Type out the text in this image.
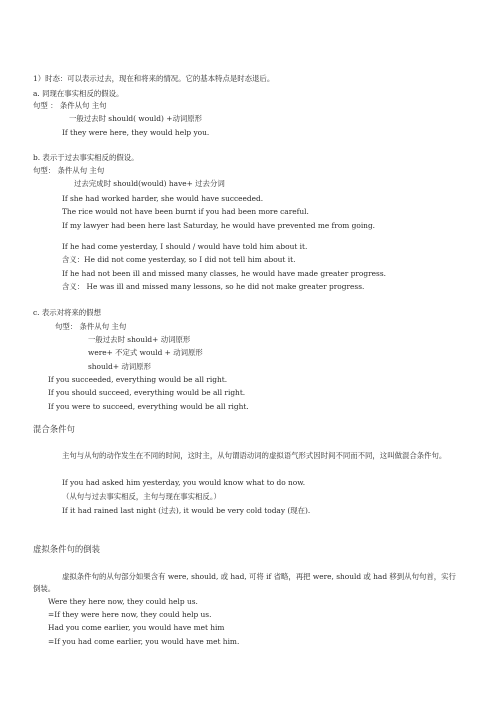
1）时态：可以表示过去，现在和将来的情况。它的基本特点是时态退后。
a. 同现在事实相反的假设。
句型 ： 条件从句 主句
一般过去时 should( would) +动词原形
If they were here, they would help you.
b. 表示于过去事实相反的假设。
句型： 条件从句 主句
过去完成时 should(would) have+ 过去分词
If she had worked harder, she would have succeeded.
The rice would not have been burnt if you had been more careful.
If my lawyer had been here last Saturday, he would have prevented me from going.
If he had come yesterday, I should / would have told him about it.
含义：He did not come yesterday, so I did not tell him about it.
If he had not been ill and missed many classes, he would have made greater progress.
含义： He was ill and missed many lessons, so he did not make greater progress.
c. 表示对将来的假想
句型： 条件从句 主句
一般过去时 should+ 动词原形
were+ 不定式 would + 动词原形
should+ 动词原形
If you succeeded, everything would be all right.
If you should succeed, everything would be all right.
If you were to succeed, everything would be all right.
混合条件句
主句与从句的动作发生在不同的时间，这时主，从句谓语动词的虚拟语气形式因时间不同而不同，这叫做混合条件句。
If you had asked him yesterday, you would know what to do now.
（从句与过去事实相反，主句与现在事实相反。）
If it had rained last night (过去), it would be very cold today (现在).
虚拟条件句的倒装
虚拟条件句的从句部分如果含有 were, should, 或 had, 可将 if 省略，再把 were, should 或 had 移到从句句首，实行倒装。
Were they here now, they could help us.
=If they were here now, they could help us.
Had you come earlier, you would have met him
=If you had come earlier, you would have met him.
